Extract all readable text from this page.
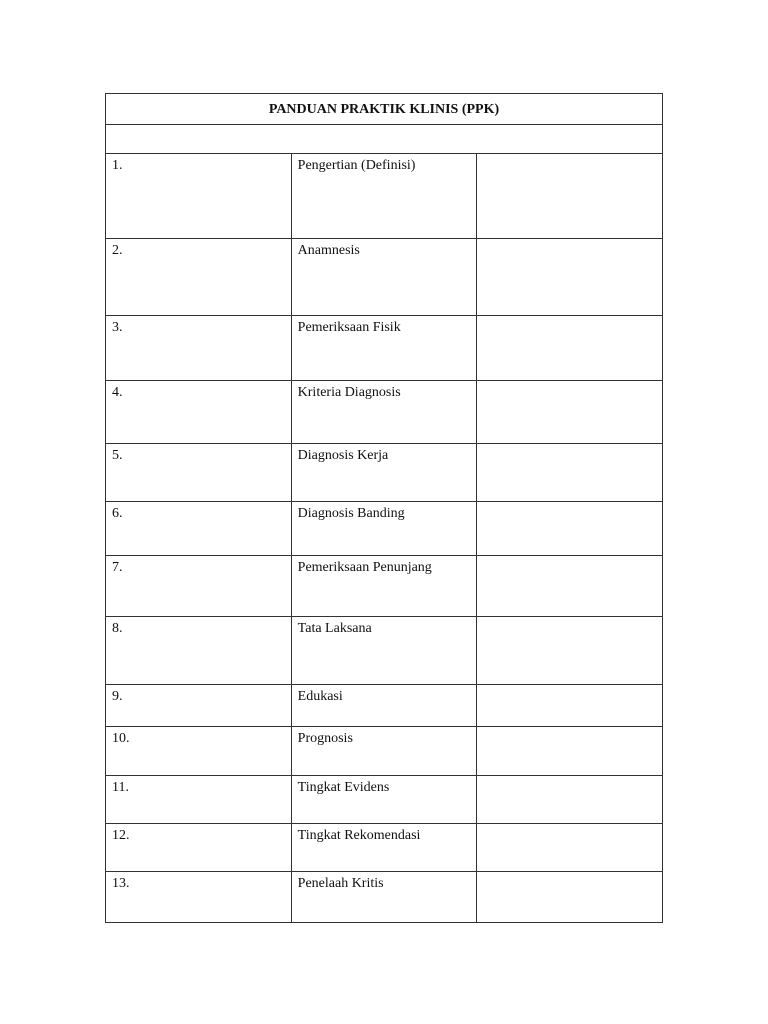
PANDUAN PRAKTIK KLINIS (PPK)		

1.	Pengertian (Definisi)	
2.	Anamnesis	
3.	Pemeriksaan Fisik	
4.	Kriteria Diagnosis	
5.	Diagnosis Kerja	
6.	Diagnosis Banding	
7.	Pemeriksaan Penunjang	
8.	Tata Laksana	
9.	Edukasi	
10.	Prognosis	
11.	Tingkat Evidens	
12.	Tingkat Rekomendasi	
13.	Penelaah Kritis	
